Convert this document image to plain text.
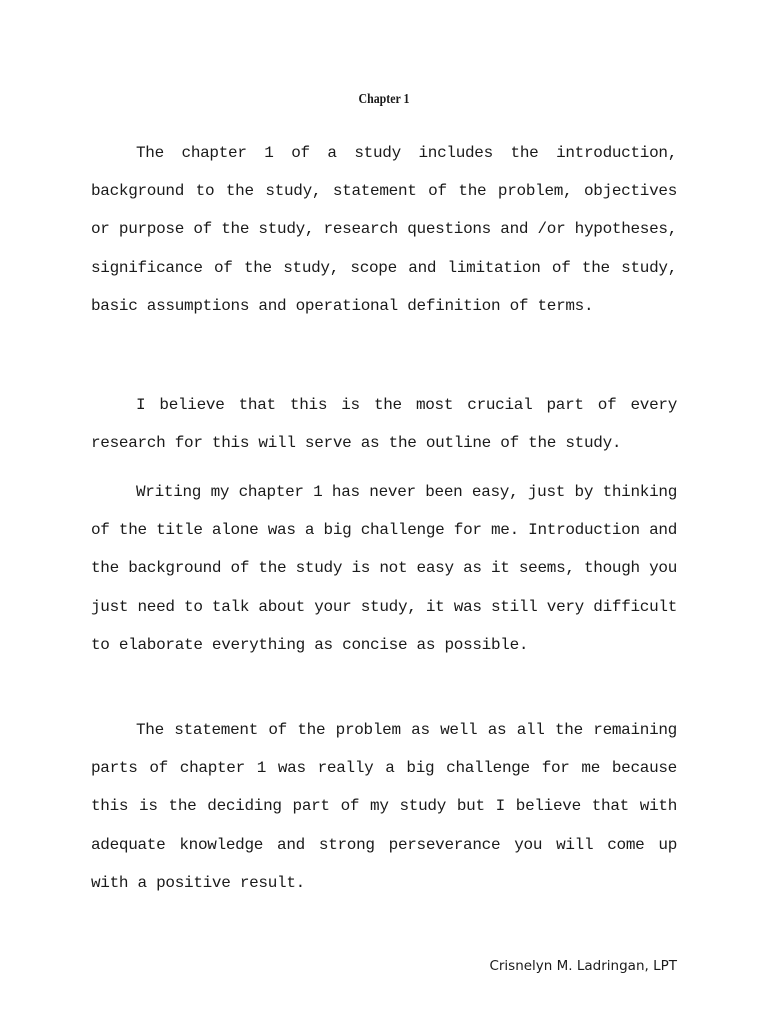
Chapter 1

The chapter 1 of a study includes the introduction, background to the study, statement of the problem, objectives or purpose of the study, research questions and /or hypotheses, significance of the study, scope and limitation of the study, basic assumptions and operational definition of terms.

I believe that this is the most crucial part of every research for this will serve as the outline of the study.

Writing my chapter 1 has never been easy, just by thinking of the title alone was a big challenge for me. Introduction and the background of the study is not easy as it seems, though you just need to talk about your study, it was still very difficult to elaborate everything as concise as possible.

The statement of the problem as well as all the remaining parts of chapter 1 was really a big challenge for me because this is the deciding part of my study but I believe that with adequate knowledge and strong perseverance you will come up with a positive result.

Crisnelyn M. Ladringan, LPT
